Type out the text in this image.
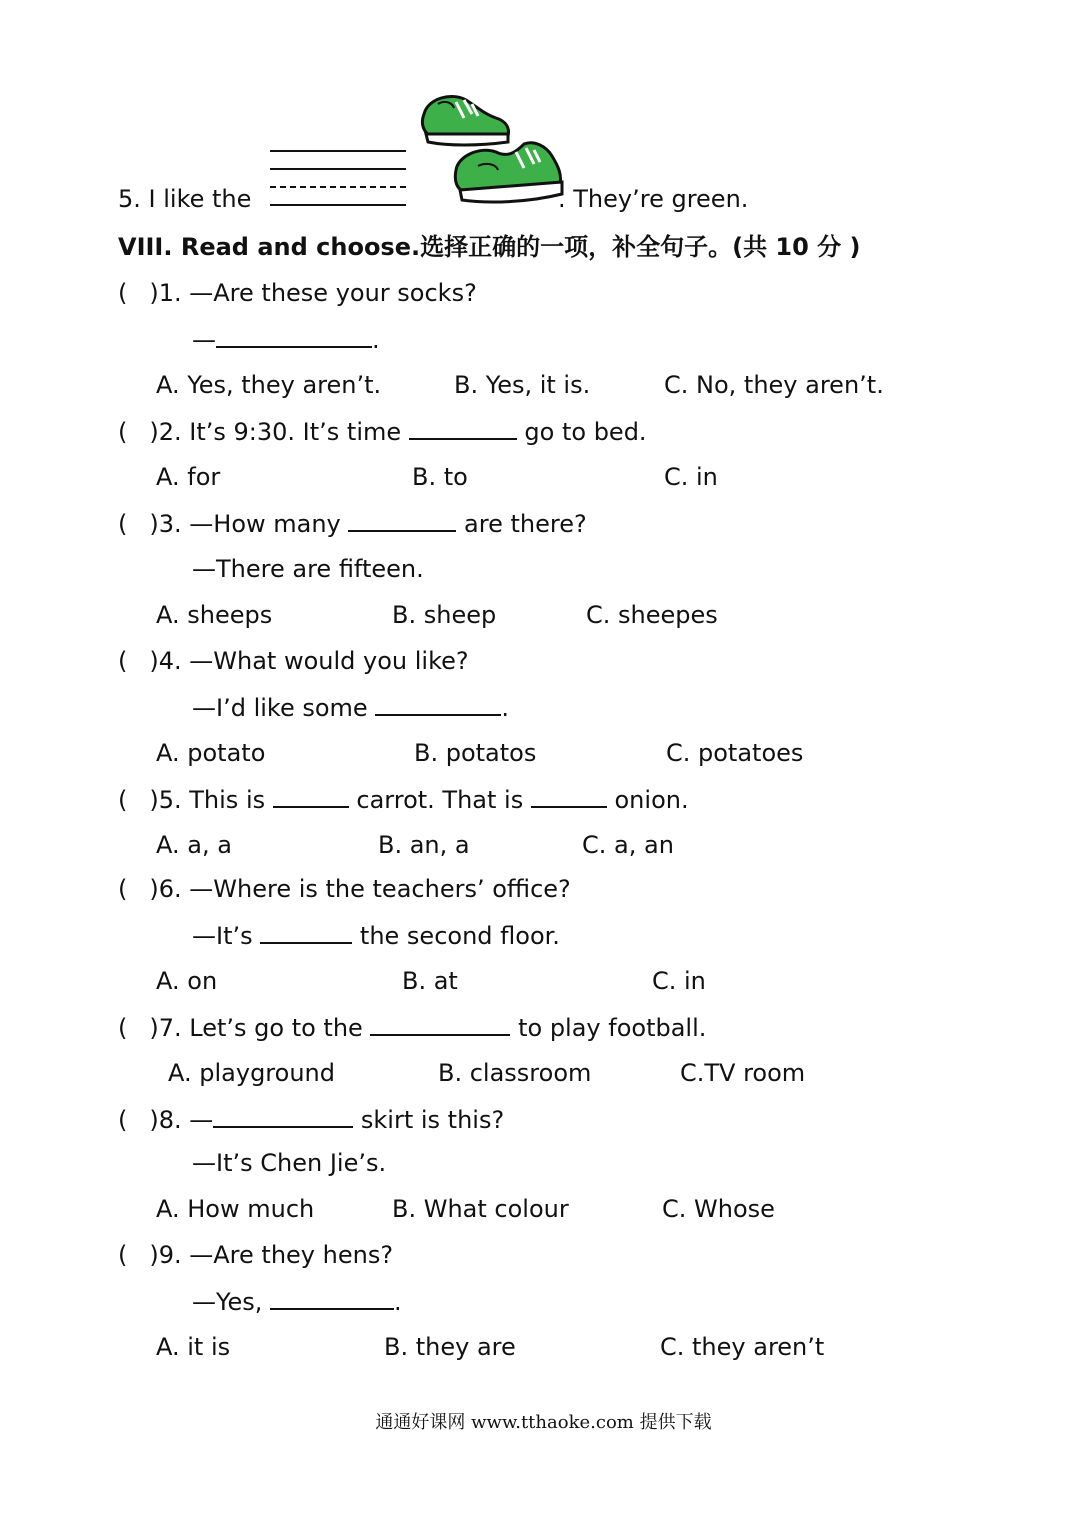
5. I like the	. They’re green.
VIII. Read and choose.选择正确的一项，补全句子。(共 10 分 )
( )1. —Are these your socks?
—	.
A. Yes, they aren’t.	B. Yes, it is.	C. No, they aren’t.
( )2. It’s 9:30. It’s time	go to bed.
A. for	B. to	C. in
( )3. —How many	are there?
—There are fifteen.
A. sheeps	B. sheep	C. sheepes
( )4. —What would you like?
—I’d like some	.
A. potato	B. potatos	C. potatoes
( )5. This is	carrot. That is	onion.
A. a, a	B. an, a	C. a, an
( )6. —Where is the teachers’ office?
—It’s	the second floor.
A. on	B. at	C. in
( )7. Let’s go to the	to play football.
A. playground	B. classroom	C.TV room
( )8. —	skirt is this?
—It’s Chen Jie’s.
A. How much	B. What colour	C. Whose
( )9. —Are they hens?
—Yes,	.
A. it is	B. they are	C. they aren’t
通通好课网 www.tthaoke.com 提供下载
